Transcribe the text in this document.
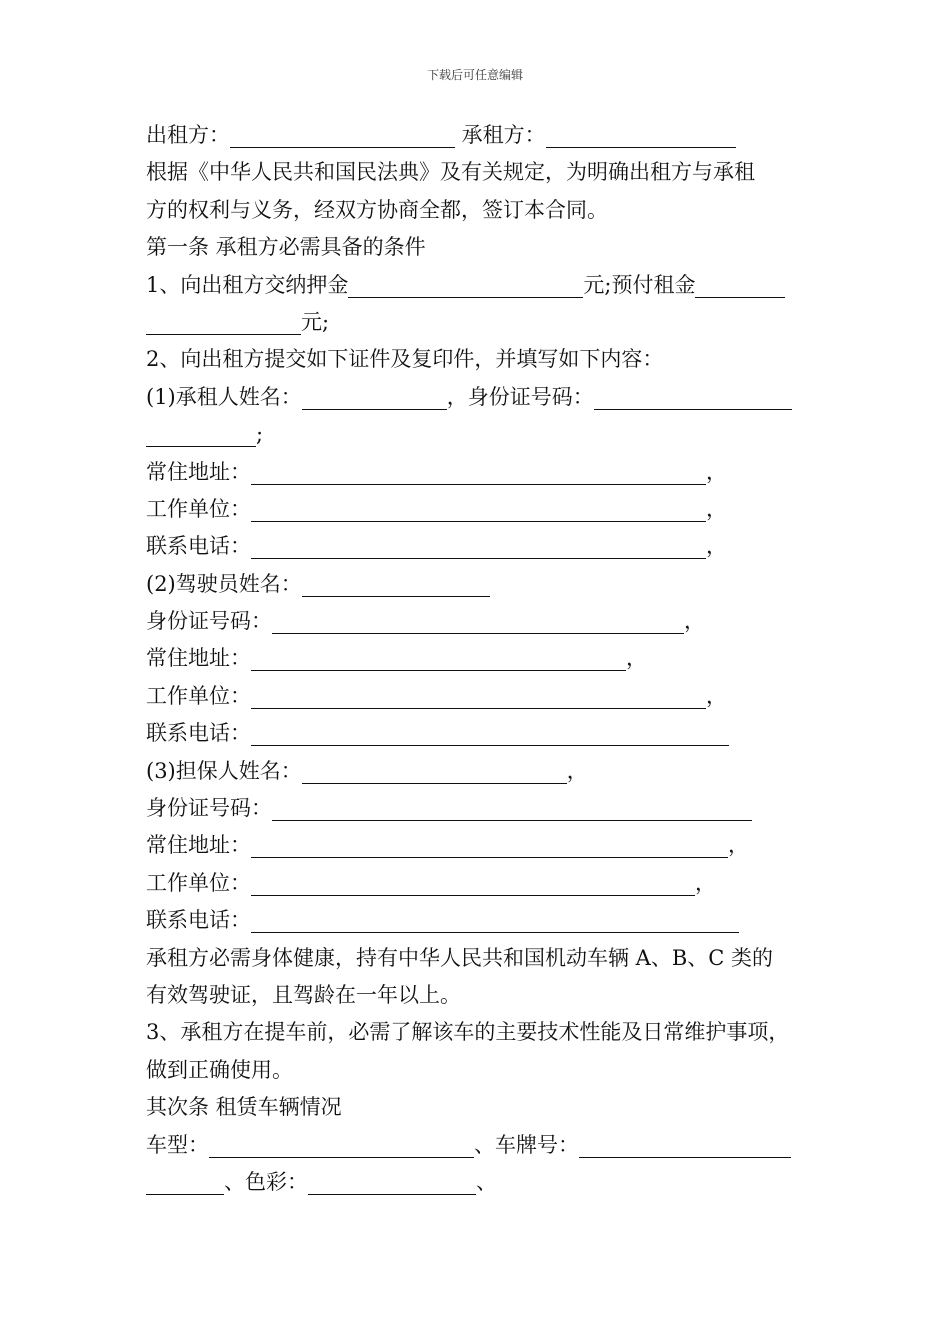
下载后可任意编辑
出租方：	承租方：
根据《中华人民共和国民法典》及有关规定，为明确出租方与承租
方的权利与义务，经双方协商全都，签订本合同。
第一条 承租方必需具备的条件
1、向出租方交纳押金	元;预付租金
元;
2、向出租方提交如下证件及复印件，并填写如下内容：
(1)承租人姓名：	，身份证号码：
;
常住地址：	，
工作单位：	，
联系电话：	，
(2)驾驶员姓名：
身份证号码：	，
常住地址：	，
工作单位：	，
联系电话：
(3)担保人姓名：	，
身份证号码：
常住地址：	，
工作单位：	，
联系电话：
承租方必需身体健康，持有中华人民共和国机动车辆 A、B、C 类的
有效驾驶证，且驾龄在一年以上。
3、承租方在提车前，必需了解该车的主要技术性能及日常维护事项，
做到正确使用。
其次条 租赁车辆情况
车型：	、车牌号：
、色彩：	、
